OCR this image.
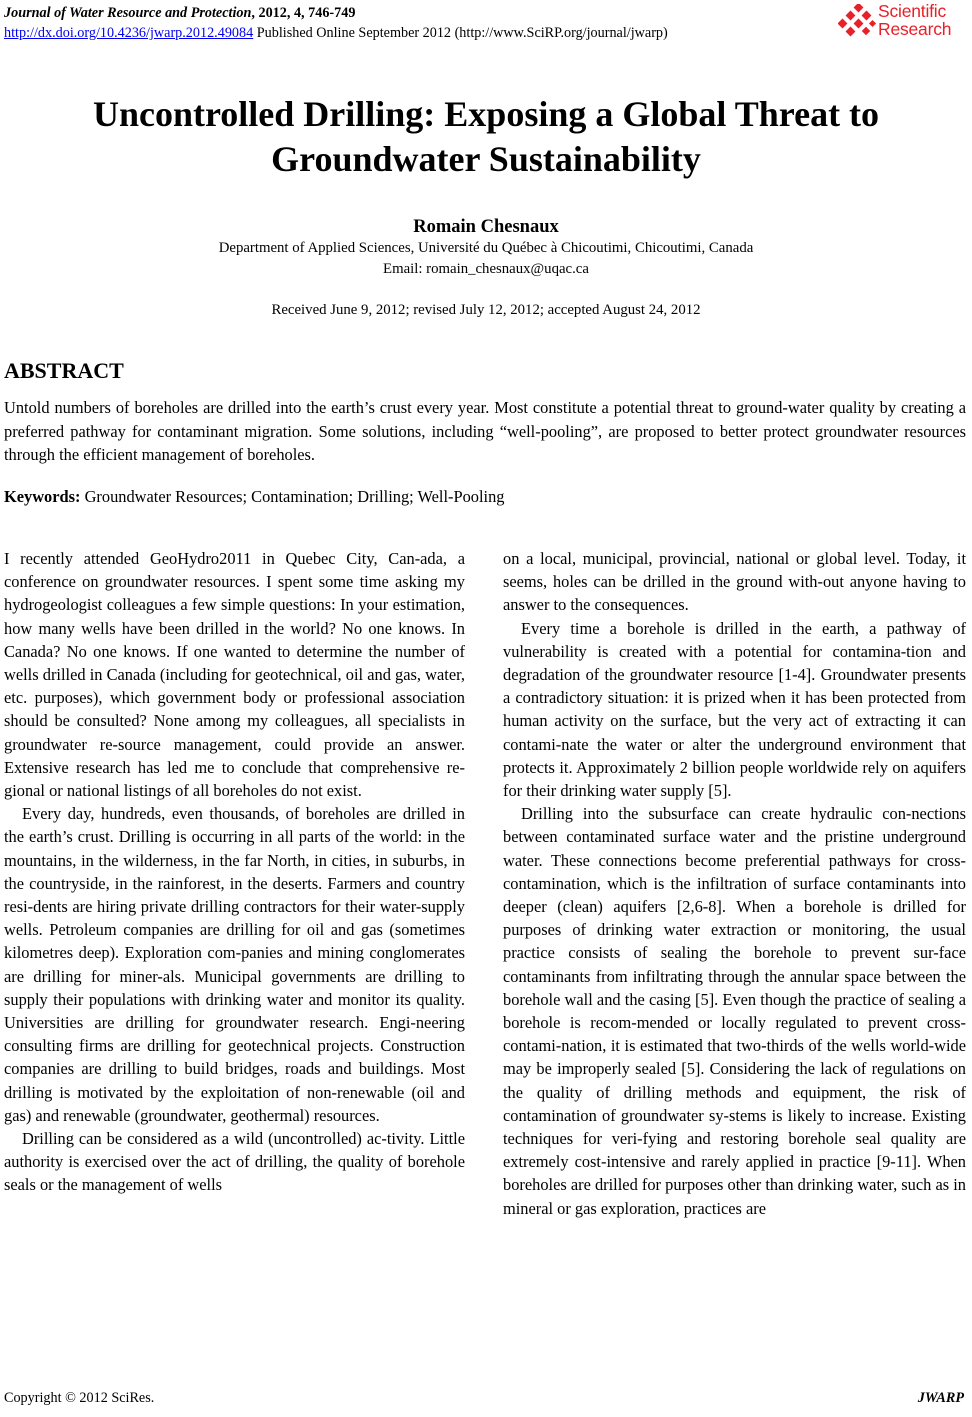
Journal of Water Resource and Protection, 2012, 4, 746-749
http://dx.doi.org/10.4236/jwarp.2012.49084 Published Online September 2012 (http://www.SciRP.org/journal/jwarp)
Scientific
Research
Uncontrolled Drilling: Exposing a Global Threat to
Groundwater Sustainability
Romain Chesnaux
Department of Applied Sciences, Université du Québec à Chicoutimi, Chicoutimi, Canada
Email: romain_chesnaux@uqac.ca
Received June 9, 2012; revised July 12, 2012; accepted August 24, 2012
ABSTRACT
Untold numbers of boreholes are drilled into the earth’s crust every year. Most constitute a potential threat to ground-water quality by creating a preferred pathway for contaminant migration. Some solutions, including “well-pooling”, are proposed to better protect groundwater resources through the efficient management of boreholes.
Keywords: Groundwater Resources; Contamination; Drilling; Well-Pooling

I recently attended GeoHydro2011 in Quebec City, Can-ada, a conference on groundwater resources. I spent some time asking my hydrogeologist colleagues a few simple questions: In your estimation, how many wells have been drilled in the world? No one knows. In Canada? No one knows. If one wanted to determine the number of wells drilled in Canada (including for geotechnical, oil and gas, water, etc. purposes), which government body or professional association should be consulted? None among my colleagues, all specialists in groundwater re-source management, could provide an answer. Extensive research has led me to conclude that comprehensive re-gional or national listings of all boreholes do not exist.

Every day, hundreds, even thousands, of boreholes are drilled in the earth’s crust. Drilling is occurring in all parts of the world: in the mountains, in the wilderness, in the far North, in cities, in suburbs, in the countryside, in the rainforest, in the deserts. Farmers and country resi-dents are hiring private drilling contractors for their water-supply wells. Petroleum companies are drilling for oil and gas (sometimes kilometres deep). Exploration com-panies and mining conglomerates are drilling for miner-als. Municipal governments are drilling to supply their populations with drinking water and monitor its quality. Universities are drilling for groundwater research. Engi-neering consulting firms are drilling for geotechnical projects. Construction companies are drilling to build bridges, roads and buildings. Most drilling is motivated by the exploitation of non-renewable (oil and gas) and renewable (groundwater, geothermal) resources.

Drilling can be considered as a wild (uncontrolled) ac-tivity. Little authority is exercised over the act of drilling, the quality of borehole seals or the management of wells

on a local, municipal, provincial, national or global level. Today, it seems, holes can be drilled in the ground with-out anyone having to answer to the consequences.

Every time a borehole is drilled in the earth, a pathway of vulnerability is created with a potential for contamina-tion and degradation of the groundwater resource [1-4]. Groundwater presents a contradictory situation: it is prized when it has been protected from human activity on the surface, but the very act of extracting it can contami-nate the water or alter the underground environment that protects it. Approximately 2 billion people worldwide rely on aquifers for their drinking water supply [5].

Drilling into the subsurface can create hydraulic con-nections between contaminated surface water and the pristine underground water. These connections become preferential pathways for cross-contamination, which is the infiltration of surface contaminants into deeper (clean) aquifers [2,6-8]. When a borehole is drilled for purposes of drinking water extraction or monitoring, the usual practice consists of sealing the borehole to prevent sur-face contaminants from infiltrating through the annular space between the borehole wall and the casing [5]. Even though the practice of sealing a borehole is recom-mended or locally regulated to prevent cross-contami-nation, it is estimated that two-thirds of the wells world-wide may be improperly sealed [5]. Considering the lack of regulations on the quality of drilling methods and equipment, the risk of contamination of groundwater sy-stems is likely to increase. Existing techniques for veri-fying and restoring borehole seal quality are extremely cost-intensive and rarely applied in practice [9-11]. When boreholes are drilled for purposes other than drinking water, such as in mineral or gas exploration, practices are

Copyright © 2012 SciRes.	JWARP
